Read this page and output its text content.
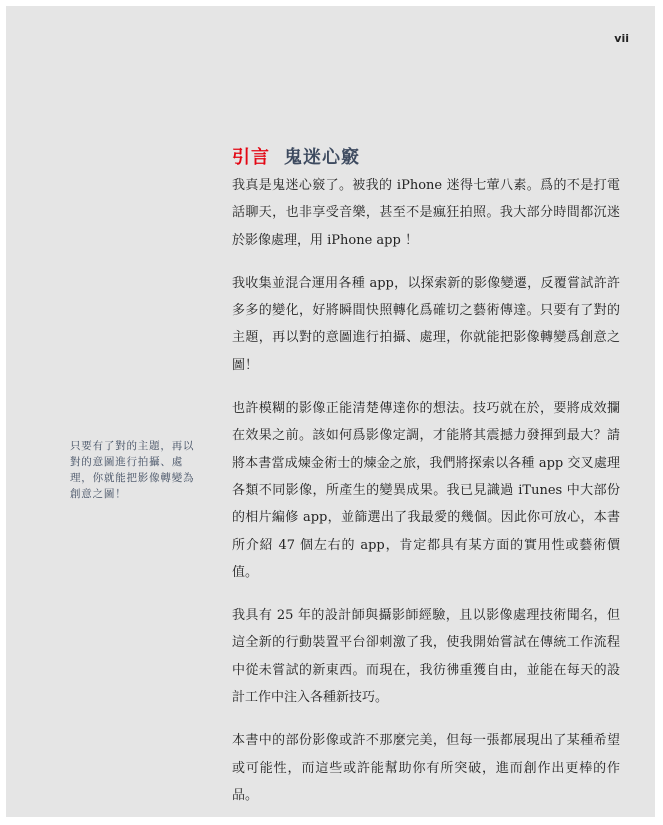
vii
引言 鬼迷心竅

我真是鬼迷心竅了。被我的 iPhone 迷得七葷八素。爲的不是打電話聊天，也非享受音樂，甚至不是瘋狂拍照。我大部分時間都沉迷於影像處理，用 iPhone app ！

我收集並混合運用各種 app，以探索新的影像變遷，反覆嘗試許許多多的變化，好將瞬間快照轉化爲確切之藝術傳達。只要有了對的主題，再以對的意圖進行拍攝、處理，你就能把影像轉變爲創意之圖！

也許模糊的影像正能清楚傳達你的想法。技巧就在於，要將成效攔在效果之前。該如何爲影像定調，才能將其震撼力發揮到最大？請將本書當成煉金術士的煉金之旅，我們將探索以各種 app 交叉處理各類不同影像，所產生的變異成果。我已見識過 iTunes 中大部份的相片編修 app，並篩選出了我最愛的幾個。因此你可放心，本書所介紹 47 個左右的 app，肯定都具有某方面的實用性或藝術價值。

我具有 25 年的設計師與攝影師經驗，且以影像處理技術聞名，但這全新的行動裝置平台卻刺激了我，使我開始嘗試在傳統工作流程中從未嘗試的新東西。而現在，我彷彿重獲自由，並能在每天的設計工作中注入各種新技巧。

本書中的部份影像或許不那麼完美，但每一張都展現出了某種希望或可能性，而這些或許能幫助你有所突破，進而創作出更棒的作品。

只要有了對的主題，再以對的意圖進行拍攝、處理，你就能把影像轉變為創意之圖！
